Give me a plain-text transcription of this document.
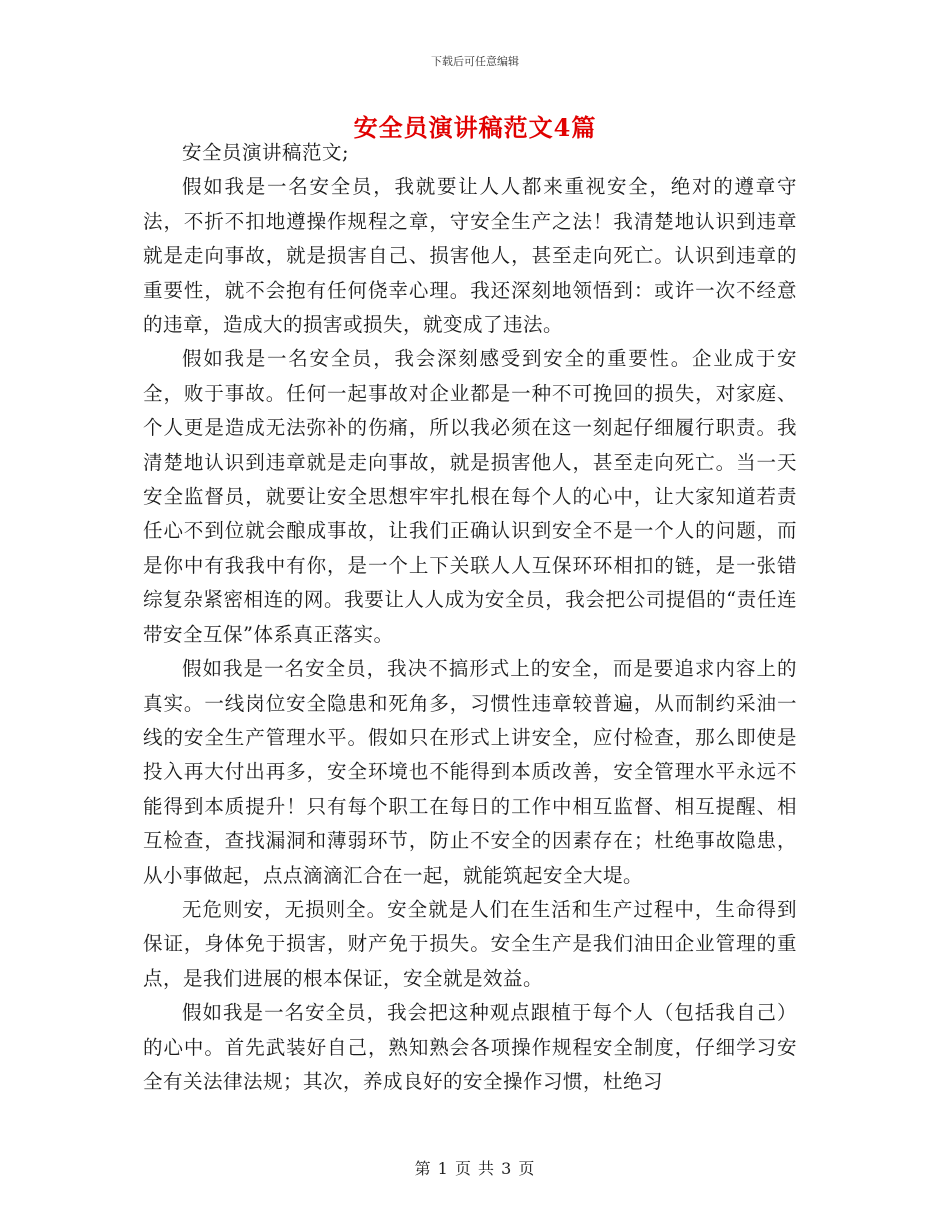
下载后可任意编辑
安全员演讲稿范文4篇

安全员演讲稿范文;

假如我是一名安全员，我就要让人人都来重视安全，绝对的遵章守法，不折不扣地遵操作规程之章，守安全生产之法！我清楚地认识到违章就是走向事故，就是损害自己、损害他人，甚至走向死亡。认识到违章的重要性，就不会抱有任何侥幸心理。我还深刻地领悟到：或许一次不经意的违章，造成大的损害或损失，就变成了违法。

假如我是一名安全员，我会深刻感受到安全的重要性。企业成于安全，败于事故。任何一起事故对企业都是一种不可挽回的损失，对家庭、个人更是造成无法弥补的伤痛，所以我必须在这一刻起仔细履行职责。我清楚地认识到违章就是走向事故，就是损害他人，甚至走向死亡。当一天安全监督员，就要让安全思想牢牢扎根在每个人的心中，让大家知道若责任心不到位就会酿成事故，让我们正确认识到安全不是一个人的问题，而是你中有我我中有你，是一个上下关联人人互保环环相扣的链，是一张错综复杂紧密相连的网。我要让人人成为安全员，我会把公司提倡的“责任连带安全互保”体系真正落实。

假如我是一名安全员，我决不搞形式上的安全，而是要追求内容上的真实。一线岗位安全隐患和死角多，习惯性违章较普遍，从而制约采油一线的安全生产管理水平。假如只在形式上讲安全，应付检查，那么即使是投入再大付出再多，安全环境也不能得到本质改善，安全管理水平永远不能得到本质提升！只有每个职工在每日的工作中相互监督、相互提醒、相互检查，查找漏洞和薄弱环节，防止不安全的因素存在；杜绝事故隐患，从小事做起，点点滴滴汇合在一起，就能筑起安全大堤。

无危则安，无损则全。安全就是人们在生活和生产过程中，生命得到保证，身体免于损害，财产免于损失。安全生产是我们油田企业管理的重点，是我们进展的根本保证，安全就是效益。

假如我是一名安全员，我会把这种观点跟植于每个人（包括我自己）的心中。首先武装好自己，熟知熟会各项操作规程安全制度，仔细学习安全有关法律法规；其次，养成良好的安全操作习惯，杜绝习

第 1 页 共 3 页
